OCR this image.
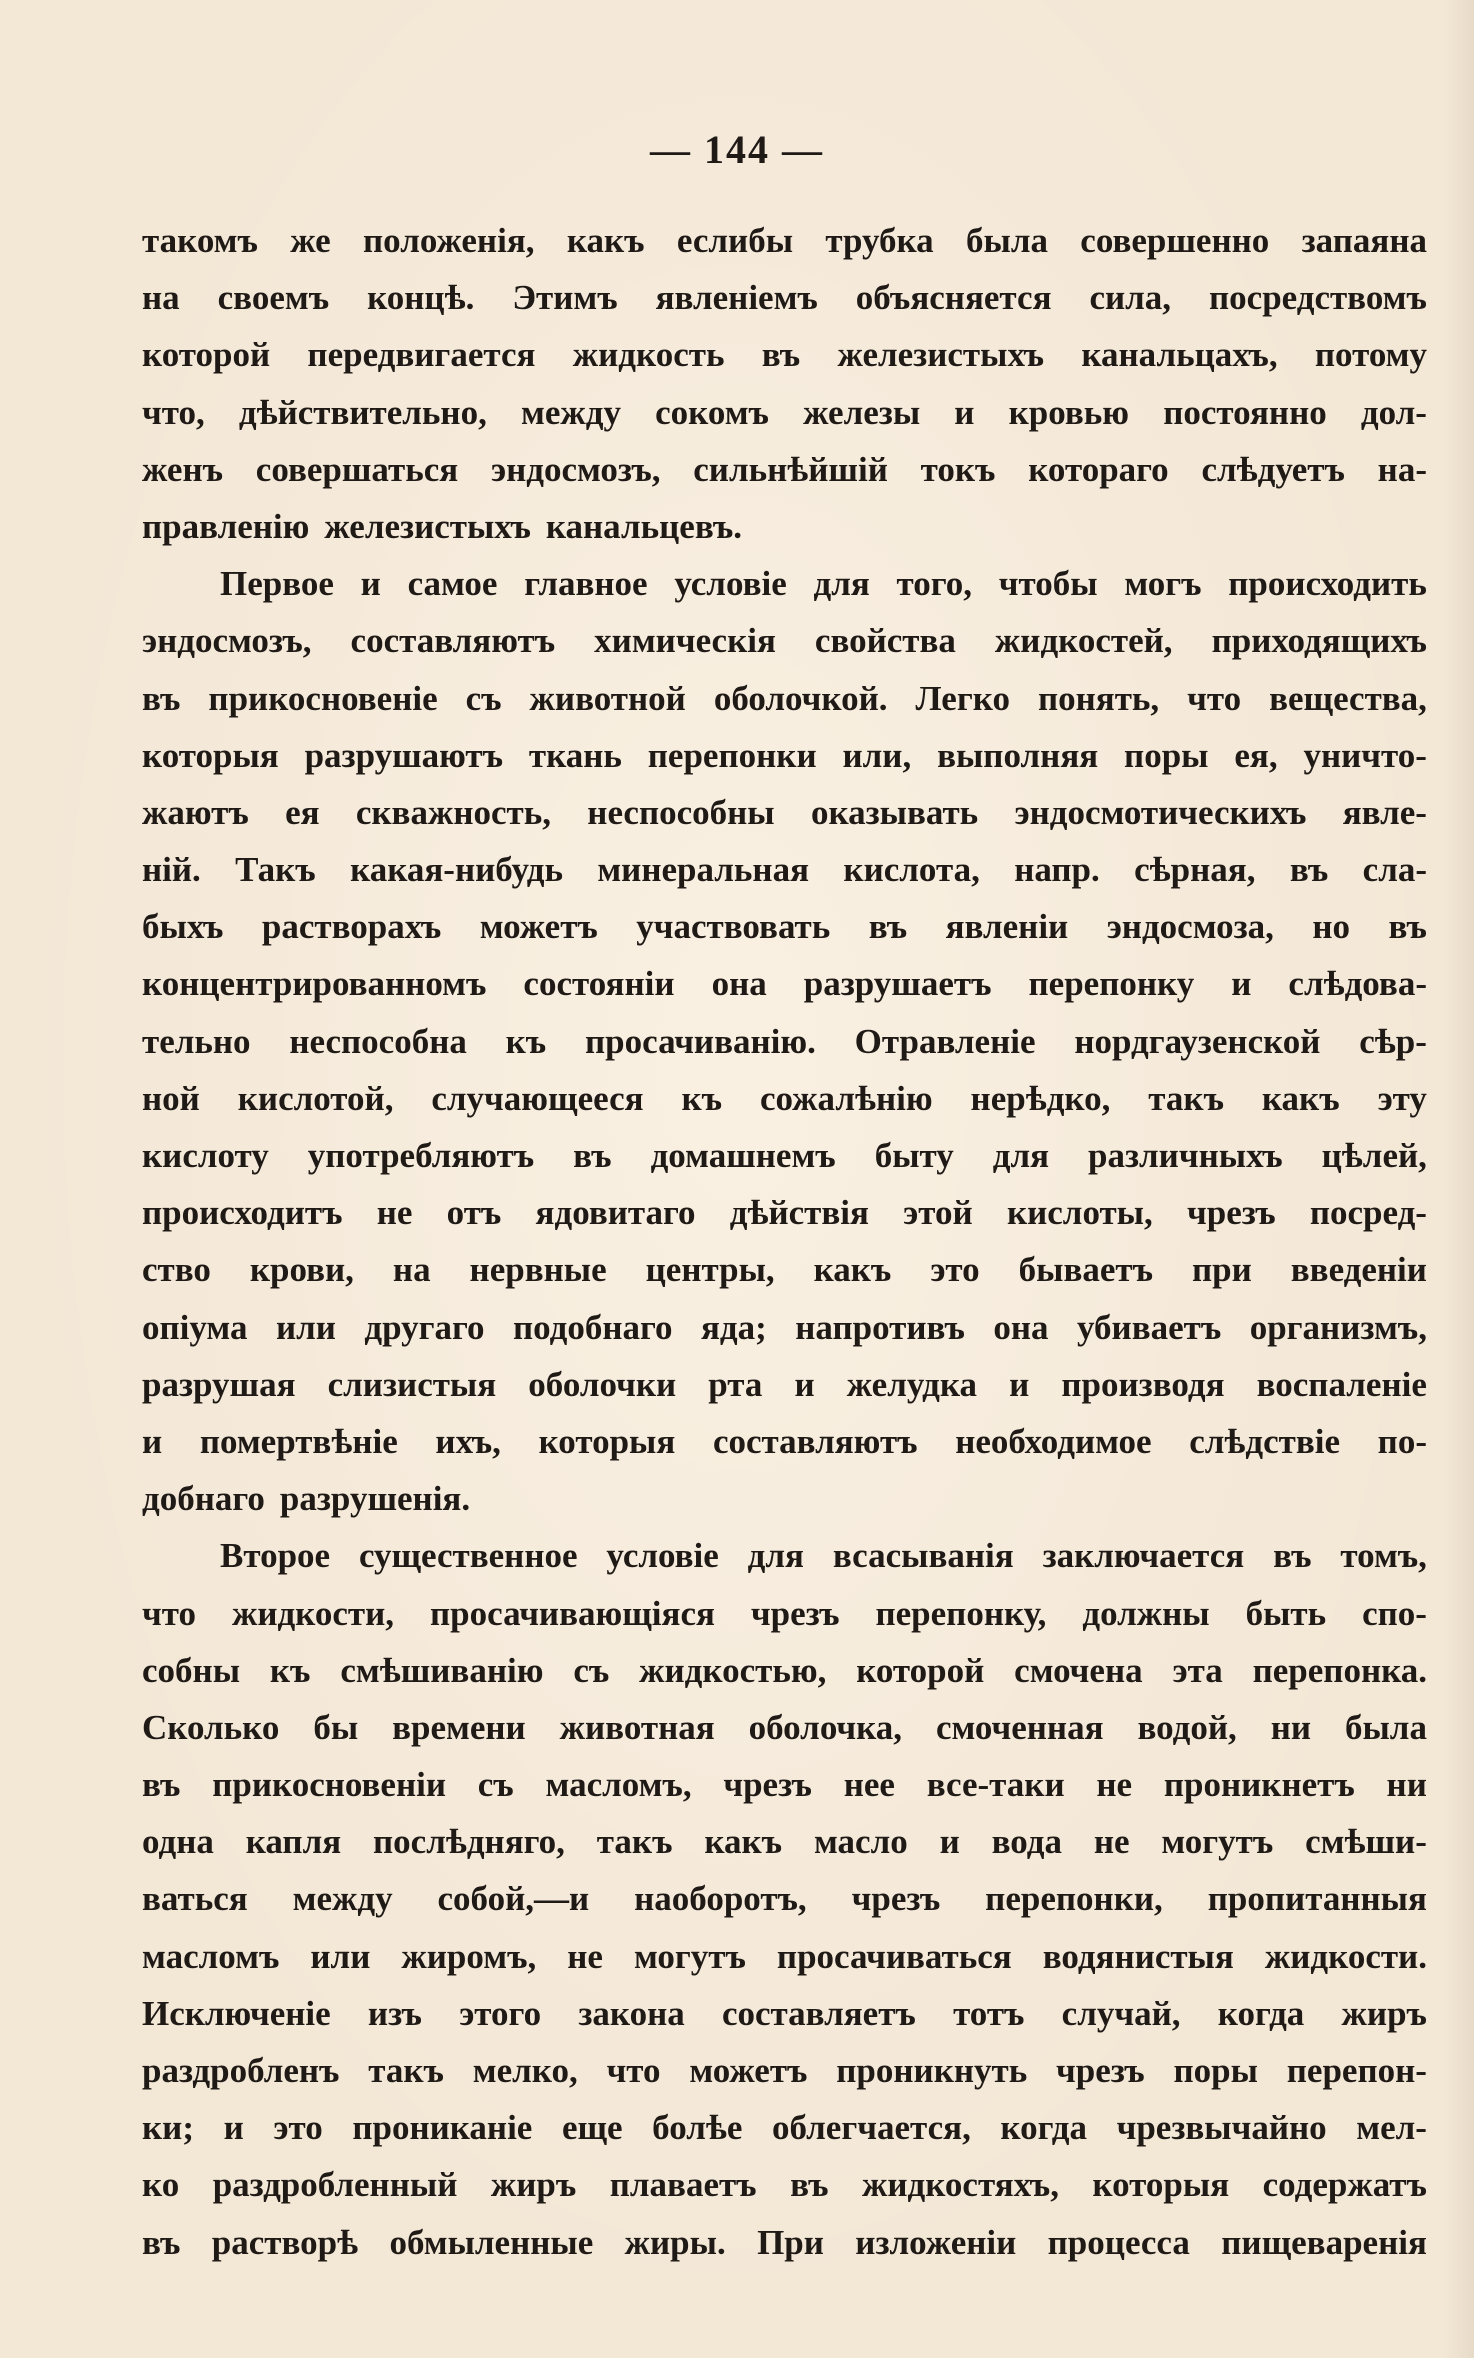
— 144 —
такомъ же положенія, какъ еслибы трубка была совершенно запаяна
на своемъ концѣ. Этимъ явленіемъ объясняется сила, посредствомъ
которой передвигается жидкость въ железистыхъ канальцахъ, потому
что, дѣйствительно, между сокомъ железы и кровью постоянно дол-
женъ совершаться эндосмозъ, сильнѣйшій токъ котораго слѣдуетъ на-
правленію железистыхъ канальцевъ.
Первое и самое главное условіе для того, чтобы могъ происходить
эндосмозъ, составляютъ химическія свойства жидкостей, приходящихъ
въ прикосновеніе съ животной оболочкой. Легко понять, что вещества,
которыя разрушаютъ ткань перепонки или, выполняя поры ея, уничто-
жаютъ ея скважность, неспособны оказывать эндосмотическихъ явле-
ній. Такъ какая-нибудь минеральная кислота, напр. сѣрная, въ сла-
быхъ растворахъ можетъ участвовать въ явленіи эндосмоза, но въ
концентрированномъ состояніи она разрушаетъ перепонку и слѣдова-
тельно неспособна къ просачиванію. Отравленіе нордгаузенской сѣр-
ной кислотой, случающееся къ сожалѣнію нерѣдко, такъ какъ эту
кислоту употребляютъ въ домашнемъ быту для различныхъ цѣлей,
происходитъ не отъ ядовитаго дѣйствія этой кислоты, чрезъ посред-
ство крови, на нервные центры, какъ это бываетъ при введеніи
опіума или другаго подобнаго яда; напротивъ она убиваетъ организмъ,
разрушая слизистыя оболочки рта и желудка и производя воспаленіе
и помертвѣніе ихъ, которыя составляютъ необходимое слѣдствіе по-
добнаго разрушенія.
Второе существенное условіе для всасыванія заключается въ томъ,
что жидкости, просачивающіяся чрезъ перепонку, должны быть спо-
собны къ смѣшиванію съ жидкостью, которой смочена эта перепонка.
Сколько бы времени животная оболочка, смоченная водой, ни была
въ прикосновеніи съ масломъ, чрезъ нее все-таки не проникнетъ ни
одна капля послѣдняго, такъ какъ масло и вода не могутъ смѣши-
ваться между собой,—и наоборотъ, чрезъ перепонки, пропитанныя
масломъ или жиромъ, не могутъ просачиваться водянистыя жидкости.
Исключеніе изъ этого закона составляетъ тотъ случай, когда жиръ
раздробленъ такъ мелко, что можетъ проникнуть чрезъ поры перепон-
ки; и это прониканіе еще болѣе облегчается, когда чрезвычайно мел-
ко раздробленный жиръ плаваетъ въ жидкостяхъ, которыя содержатъ
въ растворѣ обмыленные жиры. При изложеніи процесса пищеваренія
